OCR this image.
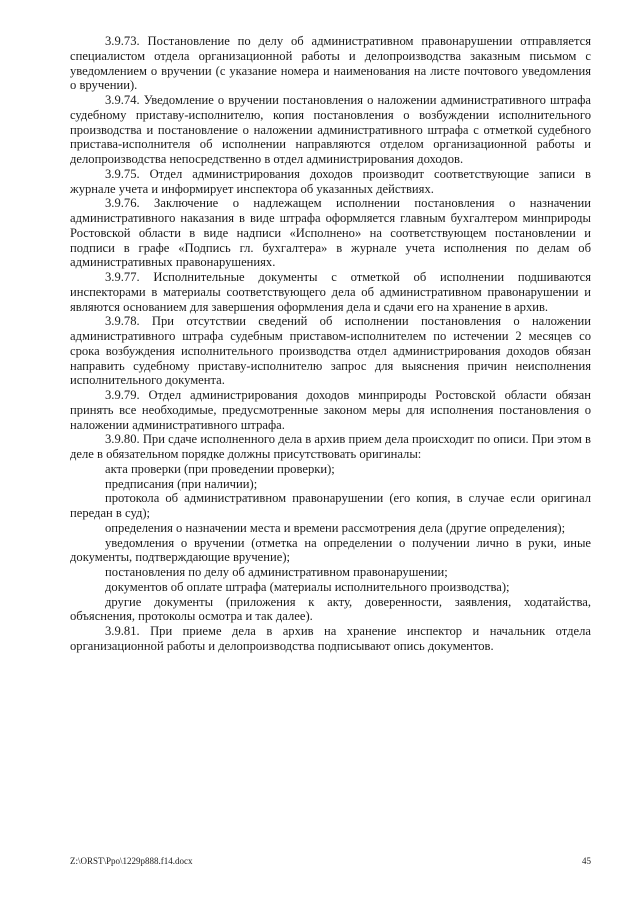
3.9.73. Постановление по делу об административном правонарушении отправляется специалистом отдела организационной работы и делопроизводства заказным письмом с уведомлением о вручении (с указание номера и наименования на листе почтового уведомления о вручении).

3.9.74. Уведомление о вручении постановления о наложении административного штрафа судебному приставу-исполнителю, копия постановления о возбуждении исполнительного производства и постановление о наложении административного штрафа с отметкой судебного пристава-исполнителя об исполнении направляются отделом организационной работы и делопроизводства непосредственно в отдел администрирования доходов.

3.9.75. Отдел администрирования доходов производит соответствующие записи в журнале учета и информирует инспектора об указанных действиях.

3.9.76. Заключение о надлежащем исполнении постановления о назначении административного наказания в виде штрафа оформляется главным бухгалтером минприроды Ростовской области в виде надписи «Исполнено» на соответствующем постановлении и подписи в графе «Подпись гл. бухгалтера» в журнале учета исполнения по делам об административных правонарушениях.

3.9.77. Исполнительные документы с отметкой об исполнении подшиваются инспекторами в материалы соответствующего дела об административном правонарушении и являются основанием для завершения оформления дела и сдачи его на хранение в архив.

3.9.78. При отсутствии сведений об исполнении постановления о наложении административного штрафа судебным приставом-исполнителем по истечении 2 месяцев со срока возбуждения исполнительного производства отдел администрирования доходов обязан направить судебному приставу-исполнителю запрос для выяснения причин неисполнения исполнительного документа.

3.9.79. Отдел администрирования доходов минприроды Ростовской области обязан принять все необходимые, предусмотренные законом меры для исполнения постановления о наложении административного штрафа.

3.9.80. При сдаче исполненного дела в архив прием дела происходит по описи. При этом в деле в обязательном порядке должны присутствовать оригиналы:

акта проверки (при проведении проверки);

предписания (при наличии);

протокола об административном правонарушении (его копия, в случае если оригинал передан в суд);

определения о назначении места и времени рассмотрения дела (другие определения);

уведомления о вручении (отметка на определении о получении лично в руки, иные документы, подтверждающие вручение);

постановления по делу об административном правонарушении;

документов об оплате штрафа (материалы исполнительного производства);

другие документы (приложения к акту, доверенности, заявления, ходатайства, объяснения, протоколы осмотра и так далее).

3.9.81. При приеме дела в архив на хранение инспектор и начальник отдела организационной работы и делопроизводства подписывают опись документов.

Z:\ORST\Ppo\1229p888.f14.docx	45
